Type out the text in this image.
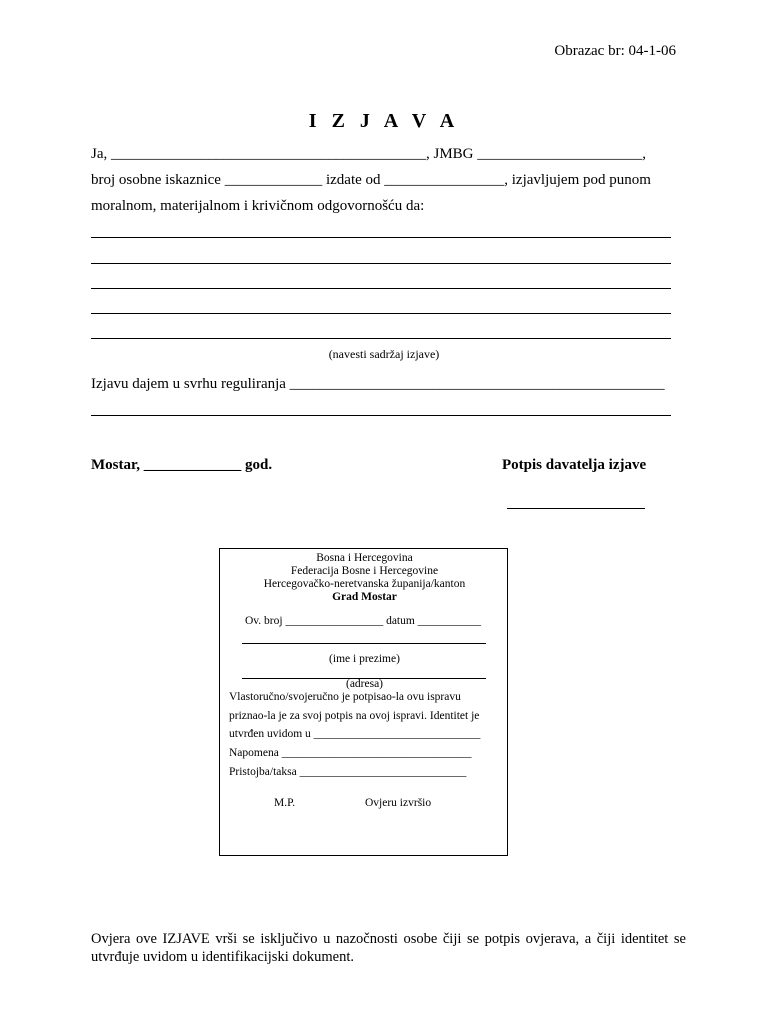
Obrazac br: 04-1-06
I Z J A V A
Ja, __________________________________________, JMBG ______________________,
broj osobne iskaznice _____________ izdate od ________________, izjavljujem pod punom
moralnom, materijalnom i krivičnom odgovornošću da:
(navesti sadržaj izjave)
Izjavu dajem u svrhu reguliranja __________________________________________________
Mostar, _____________ god.	Potpis davatelja izjave
Bosna i Hercegovina
Federacija Bosne i Hercegovine
Hercegovačko-neretvanska županija/kanton
Grad Mostar
Ov. broj _________________ datum ___________
(ime i prezime)
(adresa)
Vlastoručno/svojeručno je potpisao-la ovu ispravu
priznao-la je za svoj potpis na ovoj ispravi. Identitet je
utvrđen uvidom u _____________________________
Napomena _________________________________
Pristojba/taksa _____________________________
M.P.	Ovjeru izvršio
Ovjera ove IZJAVE vrši se isključivo u nazočnosti osobe čiji se potpis ovjerava, a čiji identitet se utvrđuje uvidom u identifikacijski dokument.
